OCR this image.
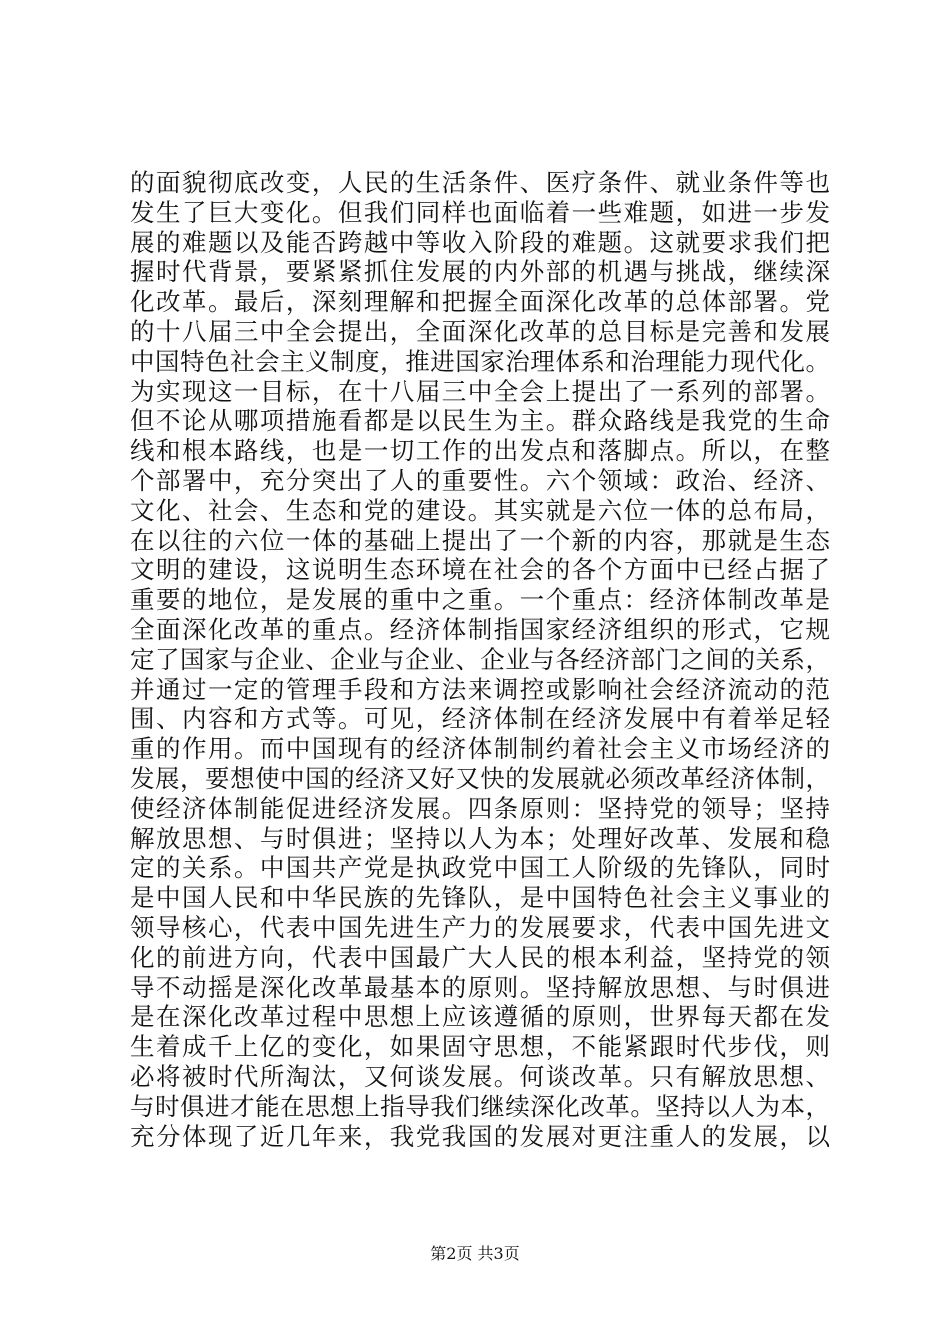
的面貌彻底改变，人民的生活条件、医疗条件、就业条件等也
发生了巨大变化。但我们同样也面临着一些难题，如进一步发
展的难题以及能否跨越中等收入阶段的难题。这就要求我们把
握时代背景，要紧紧抓住发展的内外部的机遇与挑战，继续深
化改革。最后，深刻理解和把握全面深化改革的总体部署。党
的十八届三中全会提出，全面深化改革的总目标是完善和发展
中国特色社会主义制度，推进国家治理体系和治理能力现代化。
为实现这一目标，在十八届三中全会上提出了一系列的部署。
但不论从哪项措施看都是以民生为主。群众路线是我党的生命
线和根本路线，也是一切工作的出发点和落脚点。所以，在整
个部署中，充分突出了人的重要性。六个领域：政治、经济、
文化、社会、生态和党的建设。其实就是六位一体的总布局，
在以往的六位一体的基础上提出了一个新的内容，那就是生态
文明的建设，这说明生态环境在社会的各个方面中已经占据了
重要的地位，是发展的重中之重。一个重点：经济体制改革是
全面深化改革的重点。经济体制指国家经济组织的形式，它规
定了国家与企业、企业与企业、企业与各经济部门之间的关系，
并通过一定的管理手段和方法来调控或影响社会经济流动的范
围、内容和方式等。可见，经济体制在经济发展中有着举足轻
重的作用。而中国现有的经济体制制约着社会主义市场经济的
发展，要想使中国的经济又好又快的发展就必须改革经济体制，
使经济体制能促进经济发展。四条原则：坚持党的领导；坚持
解放思想、与时俱进；坚持以人为本；处理好改革、发展和稳
定的关系。中国共产党是执政党中国工人阶级的先锋队，同时
是中国人民和中华民族的先锋队，是中国特色社会主义事业的
领导核心，代表中国先进生产力的发展要求，代表中国先进文
化的前进方向，代表中国最广大人民的根本利益，坚持党的领
导不动摇是深化改革最基本的原则。坚持解放思想、与时俱进
是在深化改革过程中思想上应该遵循的原则，世界每天都在发
生着成千上亿的变化，如果固守思想，不能紧跟时代步伐，则
必将被时代所淘汰，又何谈发展。何谈改革。只有解放思想、
与时俱进才能在思想上指导我们继续深化改革。坚持以人为本，
充分体现了近几年来，我党我国的发展对更注重人的发展，以
第2页 共3页
